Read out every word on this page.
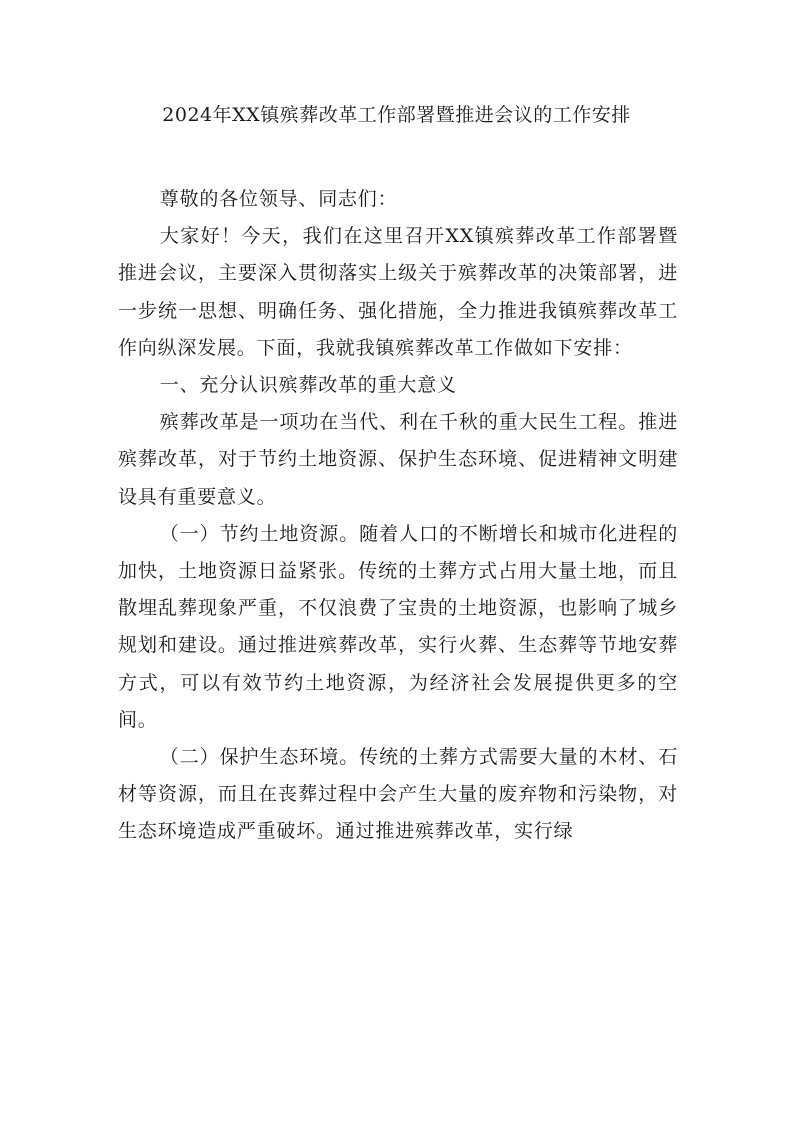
2024年XX镇殡葬改革工作部署暨推进会议的工作安排

尊敬的各位领导、同志们：

大家好！今天，我们在这里召开XX镇殡葬改革工作部署暨推进会议，主要深入贯彻落实上级关于殡葬改革的决策部署，进一步统一思想、明确任务、强化措施，全力推进我镇殡葬改革工作向纵深发展。下面，我就我镇殡葬改革工作做如下安排：

一、充分认识殡葬改革的重大意义

殡葬改革是一项功在当代、利在千秋的重大民生工程。推进殡葬改革，对于节约土地资源、保护生态环境、促进精神文明建设具有重要意义。

（一）节约土地资源。随着人口的不断增长和城市化进程的加快，土地资源日益紧张。传统的土葬方式占用大量土地，而且散埋乱葬现象严重，不仅浪费了宝贵的土地资源，也影响了城乡规划和建设。通过推进殡葬改革，实行火葬、生态葬等节地安葬方式，可以有效节约土地资源，为经济社会发展提供更多的空间。

（二）保护生态环境。传统的土葬方式需要大量的木材、石材等资源，而且在丧葬过程中会产生大量的废弃物和污染物，对生态环境造成严重破坏。通过推进殡葬改革，实行绿
